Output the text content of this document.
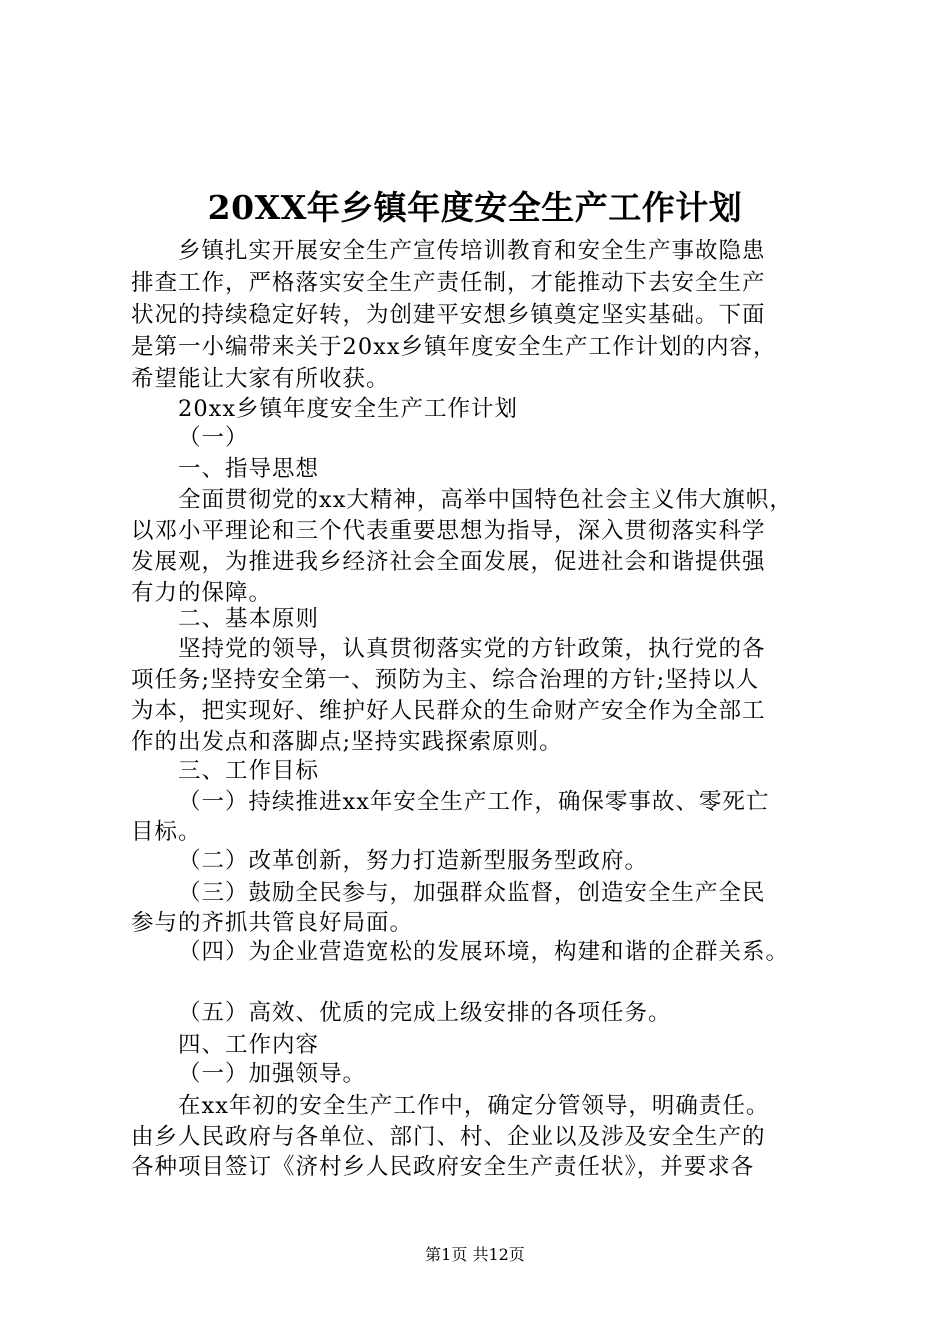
20XX年乡镇年度安全生产工作计划
乡镇扎实开展安全生产宣传培训教育和安全生产事故隐患
排查工作，严格落实安全生产责任制，才能推动下去安全生产
状况的持续稳定好转，为创建平安想乡镇奠定坚实基础。下面
是第一小编带来关于20xx乡镇年度安全生产工作计划的内容，
希望能让大家有所收获。
20xx乡镇年度安全生产工作计划
（一）
一、指导思想
全面贯彻党的xx大精神，高举中国特色社会主义伟大旗帜，
以邓小平理论和三个代表重要思想为指导，深入贯彻落实科学
发展观，为推进我乡经济社会全面发展，促进社会和谐提供强
有力的保障。
二、基本原则
坚持党的领导，认真贯彻落实党的方针政策，执行党的各
项任务;坚持安全第一、预防为主、综合治理的方针;坚持以人
为本，把实现好、维护好人民群众的生命财产安全作为全部工
作的出发点和落脚点;坚持实践探索原则。
三、工作目标
（一）持续推进xx年安全生产工作，确保零事故、零死亡
目标。
（二）改革创新，努力打造新型服务型政府。
（三）鼓励全民参与，加强群众监督，创造安全生产全民
参与的齐抓共管良好局面。
（四）为企业营造宽松的发展环境，构建和谐的企群关系。
（五）高效、优质的完成上级安排的各项任务。
四、工作内容
（一）加强领导。
在xx年初的安全生产工作中，确定分管领导，明确责任。
由乡人民政府与各单位、部门、村、企业以及涉及安全生产的
各种项目签订《济村乡人民政府安全生产责任状》，并要求各
第1页 共12页
